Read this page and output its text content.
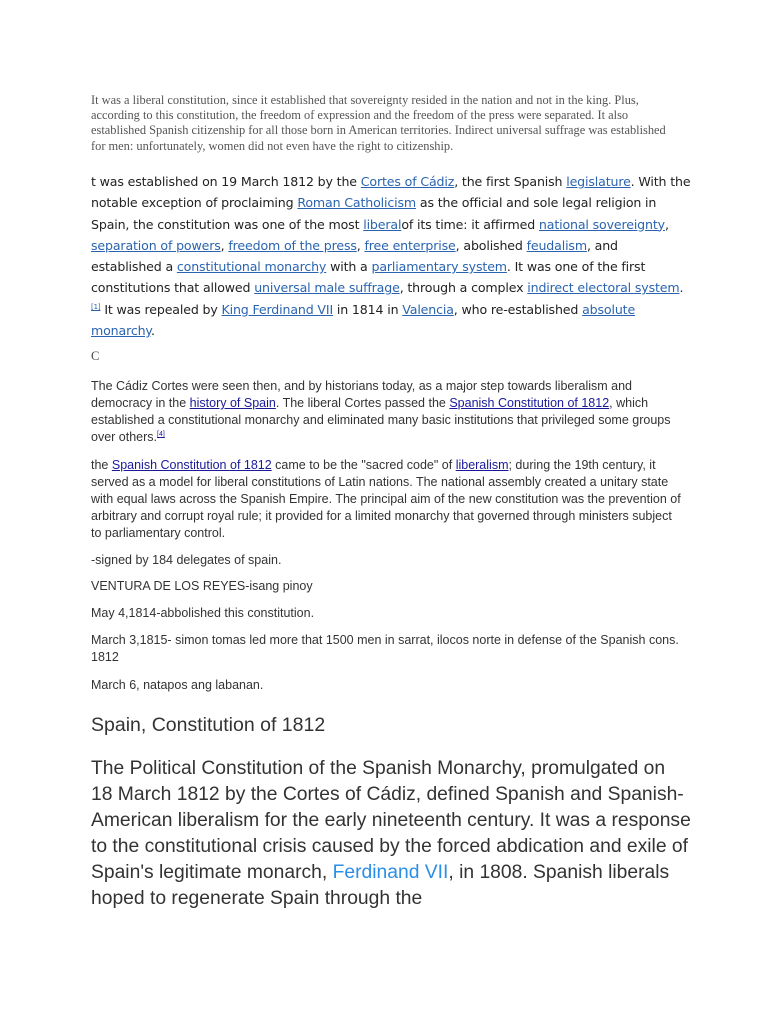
It was a liberal constitution, since it established that sovereignty resided in the nation and not in the king. Plus, according to this constitution, the freedom of expression and the freedom of the press were separated. It also established Spanish citizenship for all those born in American territories. Indirect universal suffrage was established for men: unfortunately, women did not even have the right to citizenship.

t was established on 19 March 1812 by the Cortes of Cádiz, the first Spanish legislature. With the notable exception of proclaiming Roman Catholicism as the official and sole legal religion in Spain, the constitution was one of the most liberalof its time: it affirmed national sovereignty, separation of powers, freedom of the press, free enterprise, abolished feudalism, and established a constitutional monarchy with a parliamentary system. It was one of the first constitutions that allowed universal male suffrage, through a complex indirect electoral system.[1] It was repealed by King Ferdinand VII in 1814 in Valencia, who re-established absolute monarchy.

C

The Cádiz Cortes were seen then, and by historians today, as a major step towards liberalism and democracy in the history of Spain. The liberal Cortes passed the Spanish Constitution of 1812, which established a constitutional monarchy and eliminated many basic institutions that privileged some groups over others.[4]

the Spanish Constitution of 1812 came to be the "sacred code" of liberalism; during the 19th century, it served as a model for liberal constitutions of Latin nations. The national assembly created a unitary state with equal laws across the Spanish Empire. The principal aim of the new constitution was the prevention of arbitrary and corrupt royal rule; it provided for a limited monarchy that governed through ministers subject to parliamentary control.

-signed by 184 delegates of spain.

VENTURA DE LOS REYES-isang pinoy

May 4,1814-abbolished this constitution.

March 3,1815- simon tomas led more that 1500 men in sarrat, ilocos norte in defense of the Spanish cons. 1812

March 6, natapos ang labanan.

Spain, Constitution of 1812

The Political Constitution of the Spanish Monarchy, promulgated on 18 March 1812 by the Cortes of Cádiz, defined Spanish and Spanish-American liberalism for the early nineteenth century. It was a response to the constitutional crisis caused by the forced abdication and exile of Spain's legitimate monarch, Ferdinand VII, in 1808. Spanish liberals hoped to regenerate Spain through the
